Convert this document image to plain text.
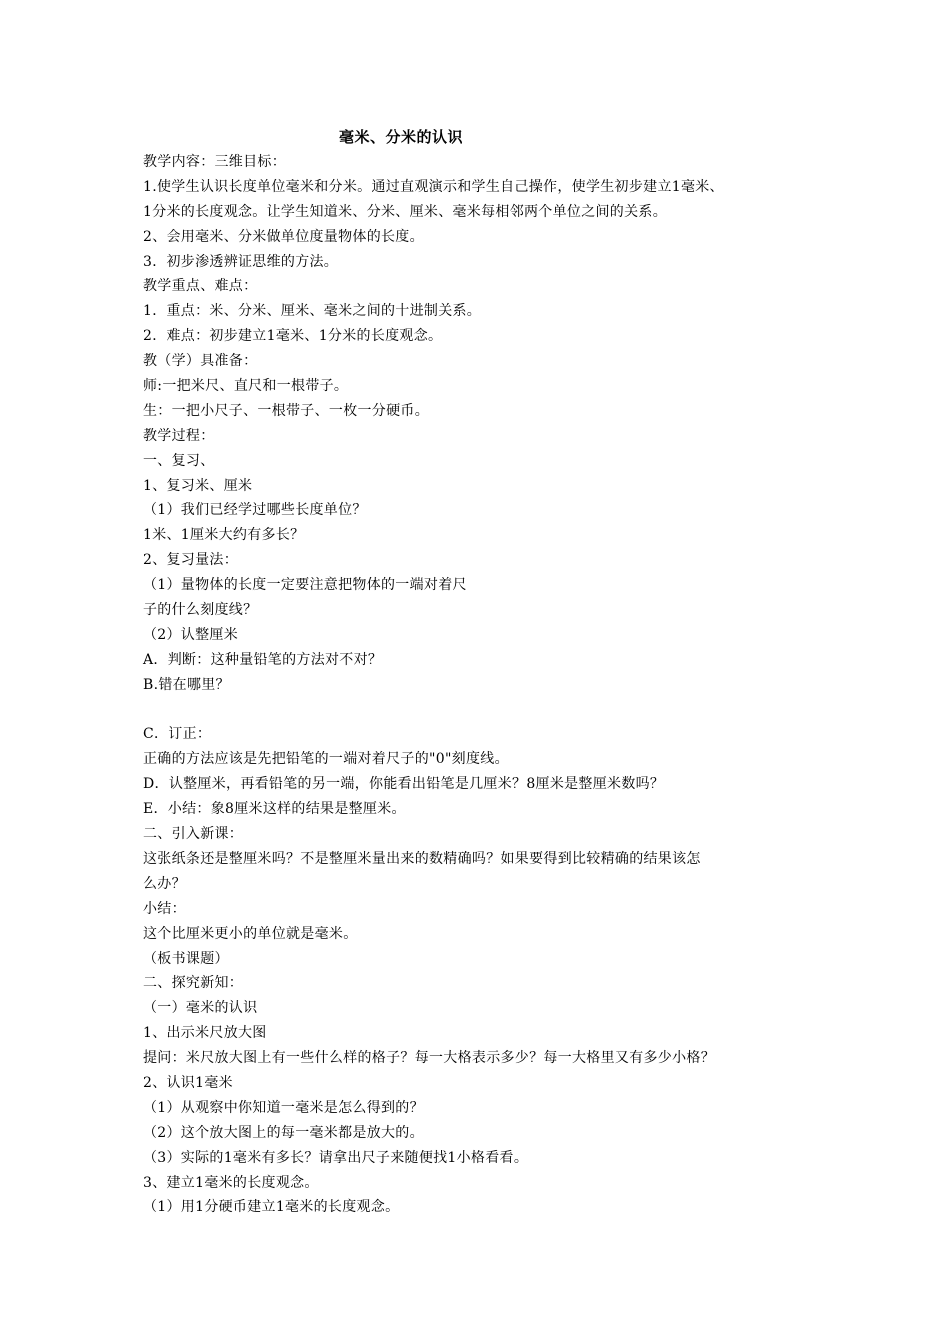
毫米、分米的认识
教学内容：三维目标：
1.使学生认识长度单位毫米和分米。通过直观演示和学生自己操作，使学生初步建立1毫米、
1分米的长度观念。让学生知道米、分米、厘米、毫米每相邻两个单位之间的关系。
2、会用毫米、分米做单位度量物体的长度。
3．初步渗透辨证思维的方法。
教学重点、难点：
1．重点：米、分米、厘米、毫米之间的十进制关系。
2．难点：初步建立1毫米、1分米的长度观念。
教（学）具准备：
师:一把米尺、直尺和一根带子。
生：一把小尺子、一根带子、一枚一分硬币。
教学过程：
一、复习、
1、复习米、厘米
（1）我们已经学过哪些长度单位？
1米、1厘米大约有多长？
2、复习量法：
（1）量物体的长度一定要注意把物体的一端对着尺
子的什么刻度线？
（2）认整厘米
A．判断：这种量铅笔的方法对不对？
B.错在哪里？
C．订正：
正确的方法应该是先把铅笔的一端对着尺子的"0"刻度线。
D．认整厘米，再看铅笔的另一端，你能看出铅笔是几厘米？8厘米是整厘米数吗？
E．小结：象8厘米这样的结果是整厘米。
二、引入新课：
这张纸条还是整厘米吗？不是整厘米量出来的数精确吗？如果要得到比较精确的结果该怎
么办？
小结：
这个比厘米更小的单位就是毫米。
（板书课题）
二、探究新知：
（一）毫米的认识
1、出示米尺放大图
提问：米尺放大图上有一些什么样的格子？每一大格表示多少？每一大格里又有多少小格？
2、认识1毫米
（1）从观察中你知道一毫米是怎么得到的？
（2）这个放大图上的每一毫米都是放大的。
（3）实际的1毫米有多长？请拿出尺子来随便找1小格看看。
3、建立1毫米的长度观念。
（1）用1分硬币建立1毫米的长度观念。
